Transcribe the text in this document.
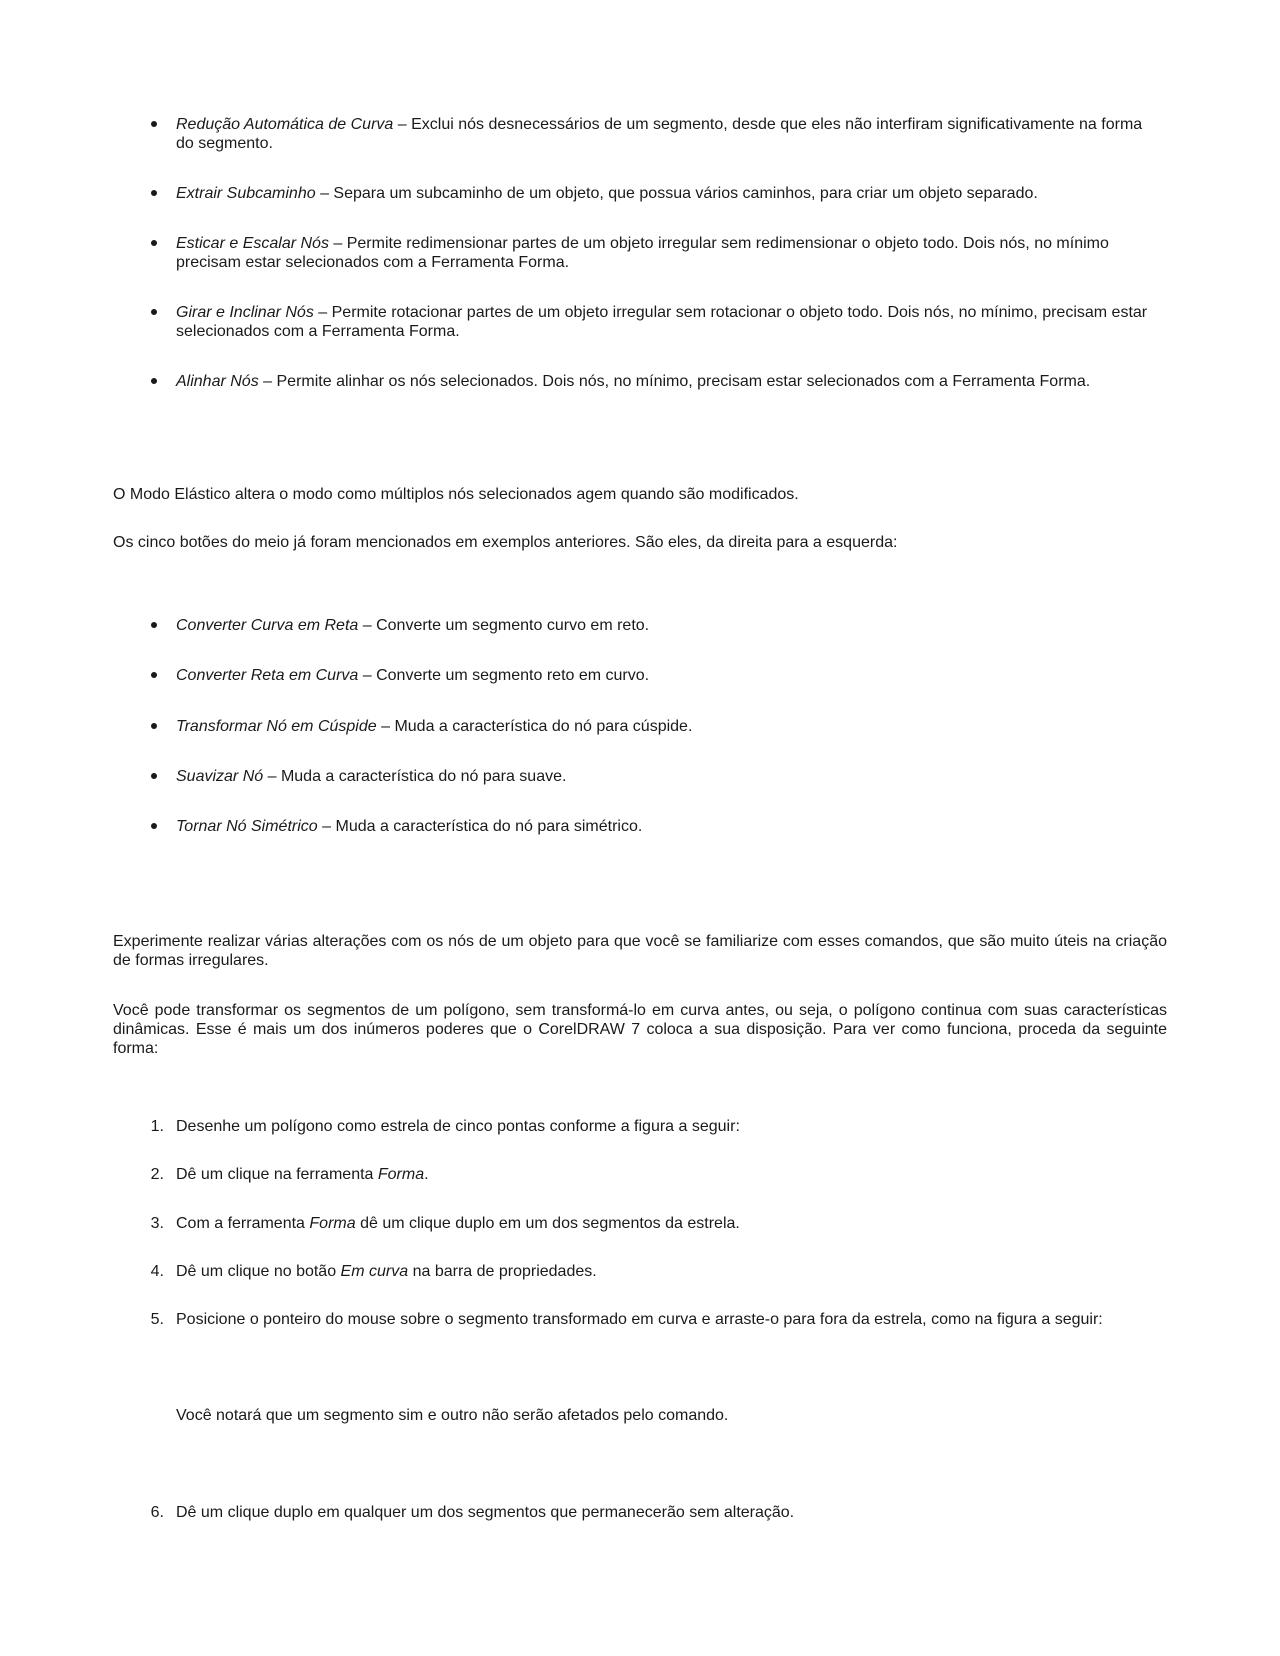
Redução Automática de Curva – Exclui nós desnecessários de um segmento, desde que eles não interfiram significativamente na forma do segmento.
Extrair Subcaminho – Separa um subcaminho de um objeto, que possua vários caminhos, para criar um objeto separado.
Esticar e Escalar Nós – Permite redimensionar partes de um objeto irregular sem redimensionar o objeto todo. Dois nós, no mínimo precisam estar selecionados com a Ferramenta Forma.
Girar e Inclinar Nós – Permite rotacionar partes de um objeto irregular sem rotacionar o objeto todo. Dois nós, no mínimo, precisam estar selecionados com a Ferramenta Forma.
Alinhar Nós – Permite alinhar os nós selecionados. Dois nós, no mínimo, precisam estar selecionados com a Ferramenta Forma.

O Modo Elástico altera o modo como múltiplos nós selecionados agem quando são modificados.

Os cinco botões do meio já foram mencionados em exemplos anteriores. São eles, da direita para a esquerda:

Converter Curva em Reta – Converte um segmento curvo em reto.
Converter Reta em Curva – Converte um segmento reto em curvo.
Transformar Nó em Cúspide – Muda a característica do nó para cúspide.
Suavizar Nó – Muda a característica do nó para suave.
Tornar Nó Simétrico – Muda a característica do nó para simétrico.

Experimente realizar várias alterações com os nós de um objeto para que você se familiarize com esses comandos, que são muito úteis na criação de formas irregulares.

Você pode transformar os segmentos de um polígono, sem transformá-lo em curva antes, ou seja, o polígono continua com suas características dinâmicas. Esse é mais um dos inúmeros poderes que o CorelDRAW 7 coloca a sua disposição. Para ver como funciona, proceda da seguinte forma:

1. Desenhe um polígono como estrela de cinco pontas conforme a figura a seguir:
2. Dê um clique na ferramenta Forma.
3. Com a ferramenta Forma dê um clique duplo em um dos segmentos da estrela.
4. Dê um clique no botão Em curva na barra de propriedades.
5. Posicione o ponteiro do mouse sobre o segmento transformado em curva e arraste-o para fora da estrela, como na figura a seguir:

Você notará que um segmento sim e outro não serão afetados pelo comando.

6. Dê um clique duplo em qualquer um dos segmentos que permanecerão sem alteração.
